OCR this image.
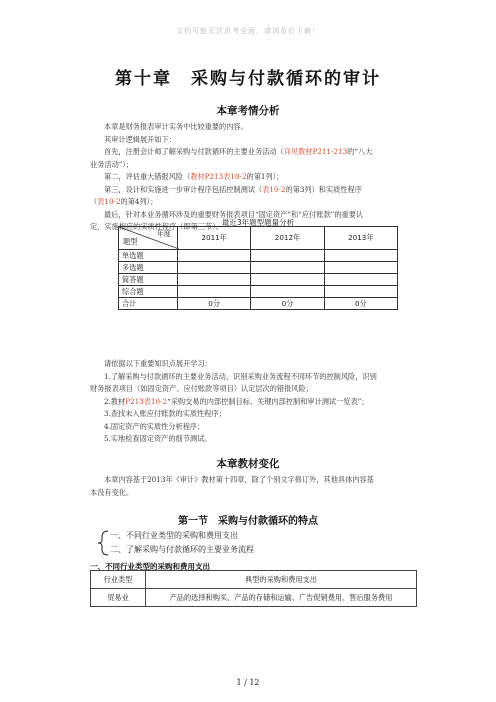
文档可能无法思考全面，请浏览后下载！
第十章　采购与付款循环的审计
本章考情分析
本章是财务报表审计实务中比较重要的内容。
其审计逻辑展开如下：
首先，注册会计师了解采购与付款循环的主要业务活动（详见教材P211-213的“八大
业务活动”）；
第二，评估重大错报风险（教材P213表10-2的第1列）；
第三，设计和实施进一步审计程序包括控制测试（表10-2的第3列）和实质性程序
（表10-2的第4列）；
最后，针对本业务循环涉及的重要财务报表项目“固定资产”和“应付账款”的重要认
定，实施相应的实质性程序（即第三节）。
最近3年题型题量分析
年度
题型	2011年	2012年	2013年
单选题			
多选题			
简答题			
综合题			
合计	0分	0分	0分
请依据以下重要知识点展开学习：
1.了解采购与付款循环的主要业务活动，识别采购业务流程不同环节的控制风险，识别
财务报表项目（如固定资产、应付账款等项目）认定层次的错报风险；
2.教材P213表10-2“采购交易的内部控制目标、关键内部控制和审计测试一览表”；
3.查找未入账应付账款的实质性程序；
4.固定资产的实质性分析程序；
5.实地检查固定资产的细节测试。
本章教材变化
本章内容基于2013年《审计》教材第十四章，除了个别文字修订外，其他具体内容基
本没有变化。
第一节　采购与付款循环的特点
一、不同行业类型的采购和费用支出
二、了解采购与付款循环的主要业务流程
一、不同行业类型的采购和费用支出
行业类型	典型的采购和费用支出
贸易业	产品的选择和购买、产品的存储和运输、广告促销费用、售后服务费用
1 / 12
